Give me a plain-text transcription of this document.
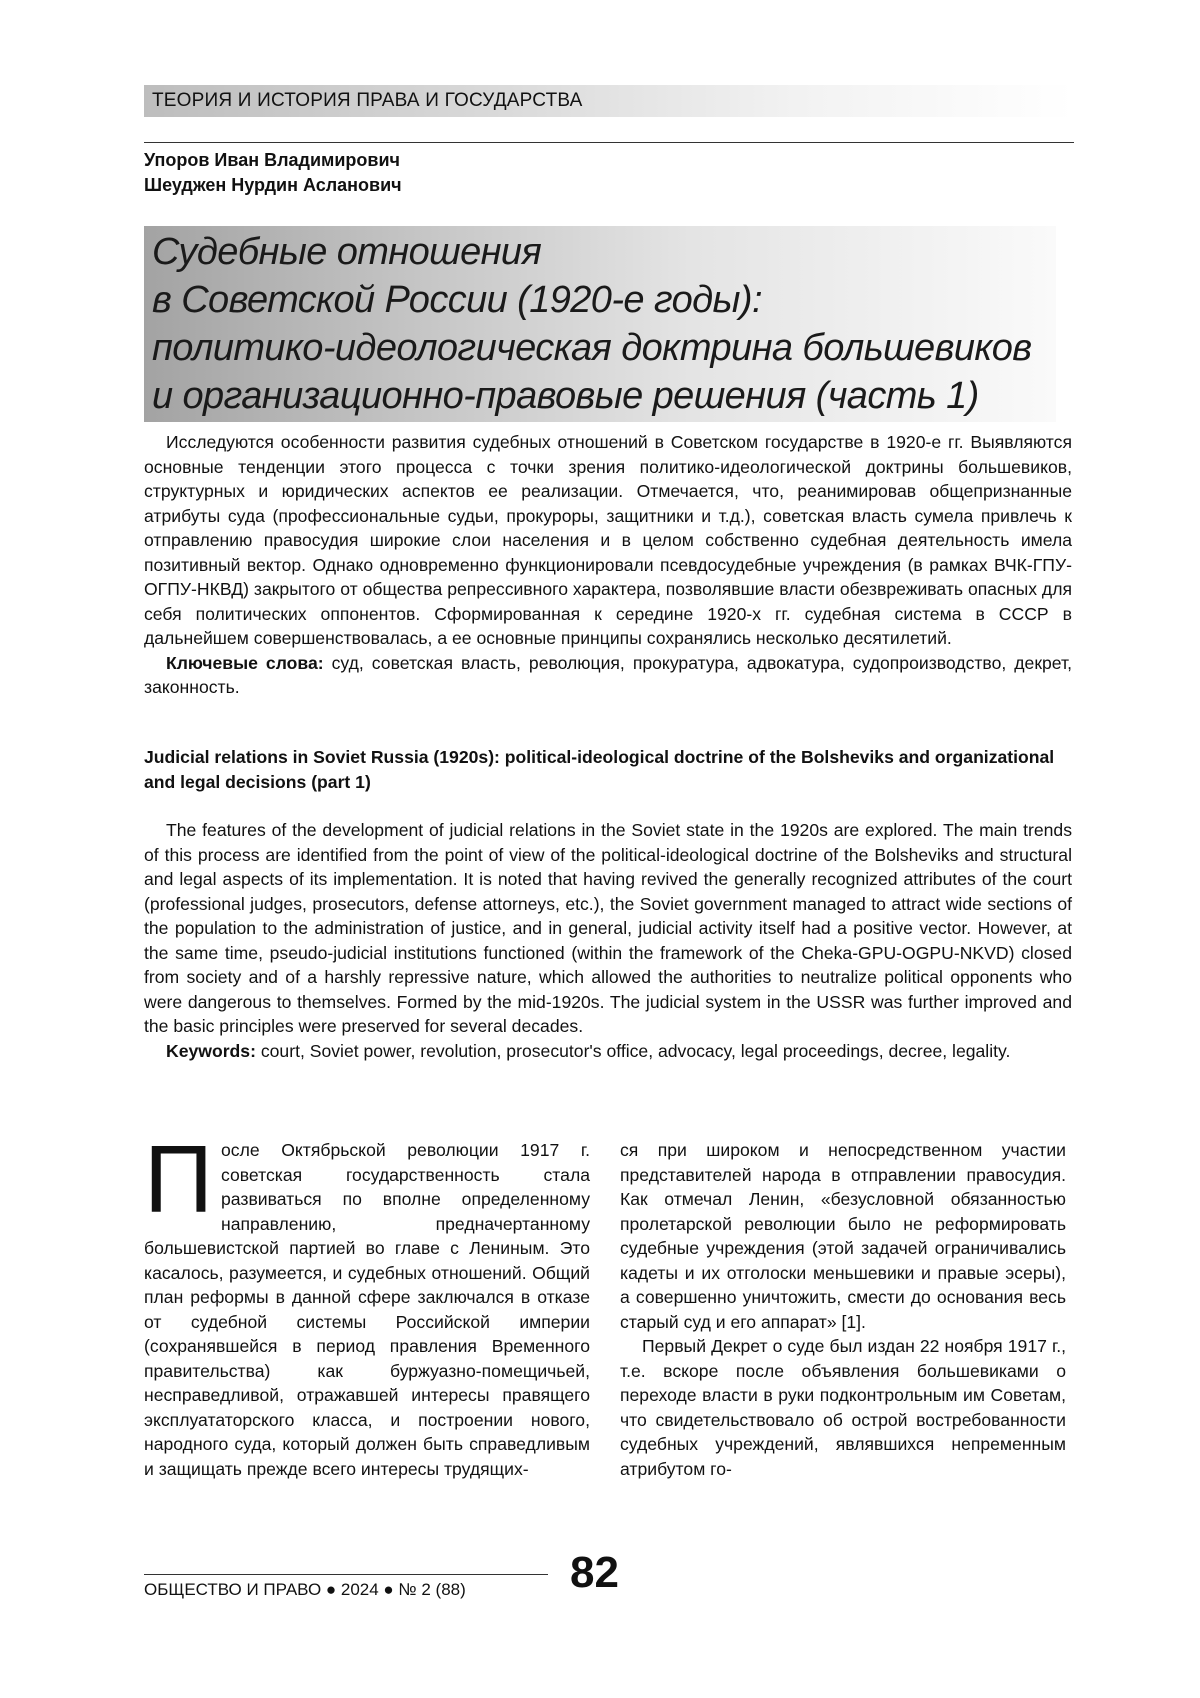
ТЕОРИЯ И ИСТОРИЯ ПРАВА И ГОСУДАРСТВА
Упоров Иван Владимирович
Шеуджен Нурдин Асланович
Судебные отношения
в Советской России (1920-е годы):
политико-идеологическая доктрина большевиков
и организационно-правовые решения (часть 1)

Исследуются особенности развития судебных отношений в Советском государстве в 1920-е гг. Выявляются основные тенденции этого процесса с точки зрения политико-идеологической доктрины большевиков, структурных и юридических аспектов ее реализации. Отмечается, что, реанимировав общепризнанные атрибуты суда (профессиональные судьи, прокуроры, защитники и т.д.), советская власть сумела привлечь к отправлению правосудия широкие слои населения и в целом собственно судебная деятельность имела позитивный вектор. Однако одновременно функционировали псевдосудебные учреждения (в рамках ВЧК-ГПУ-ОГПУ-НКВД) закрытого от общества репрессивного характера, позволявшие власти обезвреживать опасных для себя политических оппонентов. Сформированная к середине 1920-х гг. судебная система в СССР в дальнейшем совершенствовалась, а ее основные принципы сохранялись несколько десятилетий.

Ключевые слова: суд, советская власть, революция, прокуратура, адвокатура, судопроизводство, декрет, законность.

Judicial relations in Soviet Russia (1920s): political-ideological doctrine of the Bolsheviks and organizational and legal decisions (part 1)

The features of the development of judicial relations in the Soviet state in the 1920s are explored. The main trends of this process are identified from the point of view of the political-ideological doctrine of the Bolsheviks and structural and legal aspects of its implementation. It is noted that having revived the generally recognized attributes of the court (professional judges, prosecutors, defense attorneys, etc.), the Soviet government managed to attract wide sections of the population to the administration of justice, and in general, judicial activity itself had a positive vector. However, at the same time, pseudo-judicial institutions functioned (within the framework of the Cheka-GPU-OGPU-NKVD) closed from society and of a harshly repressive nature, which allowed the authorities to neutralize political opponents who were dangerous to themselves. Formed by the mid-1920s. The judicial system in the USSR was further improved and the basic principles were preserved for several decades.

Keywords: court, Soviet power, revolution, prosecutor's office, advocacy, legal proceedings, decree, legality.

После Октябрьской революции 1917 г. советская государственность стала развиваться по вполне определенному направлению, предначертанному большевистской партией во главе с Лениным. Это касалось, разумеется, и судебных отношений. Общий план реформы в данной сфере заключался в отказе от судебной системы Российской империи (сохранявшейся в период правления Временного правительства) как буржуазно-помещичьей, несправедливой, отражавшей интересы правящего эксплуататорского класса, и построении нового, народного суда, который должен быть справедливым и защищать прежде всего интересы трудящих-

ся при широком и непосредственном участии представителей народа в отправлении правосудия. Как отмечал Ленин, «безусловной обязанностью пролетарской революции было не реформировать судебные учреждения (этой задачей ограничивались кадеты и их отголоски меньшевики и правые эсеры), а совершенно уничтожить, смести до основания весь старый суд и его аппарат» [1].

Первый Декрет о суде был издан 22 ноября 1917 г., т.е. вскоре после объявления большевиками о переходе власти в руки подконтрольным им Советам, что свидетельствовало об острой востребованности судебных учреждений, являвшихся непременным атрибутом го-

ОБЩЕСТВО И ПРАВО ● 2024 ● № 2 (88) 82
